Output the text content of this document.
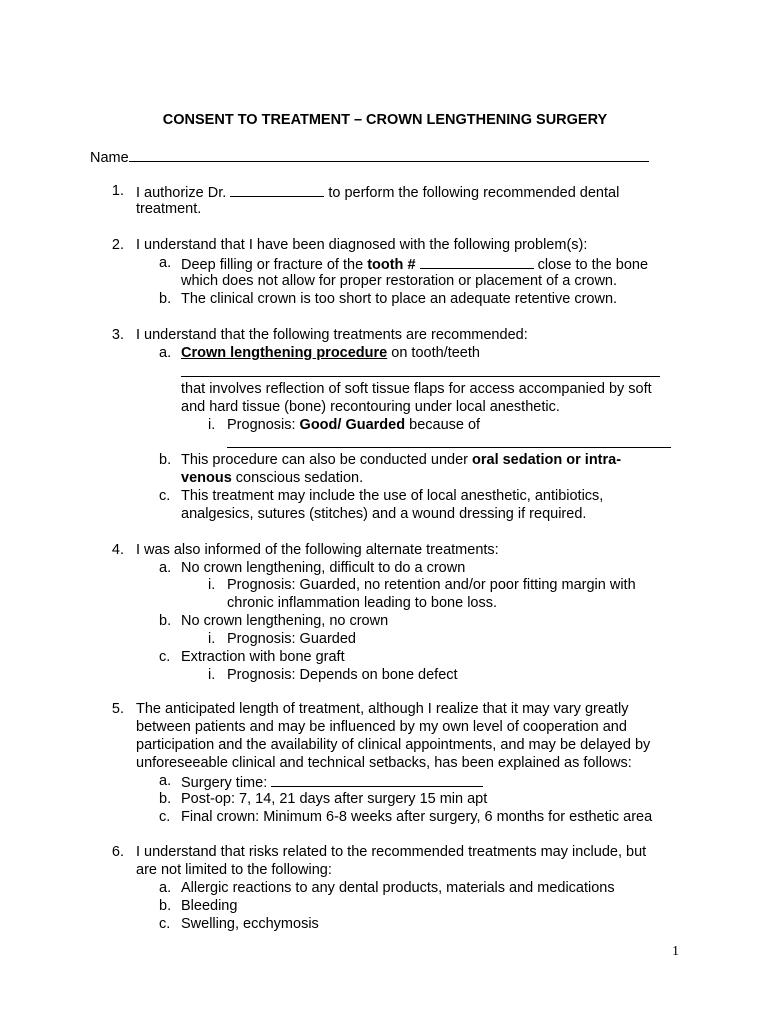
CONSENT TO TREATMENT – CROWN LENGTHENING SURGERY
Name
1. I authorize Dr.	to perform the following recommended dental
treatment.
2. I understand that I have been diagnosed with the following problem(s):
a. Deep filling or fracture of the tooth #	close to the bone
which does not allow for proper restoration or placement of a crown.
b. The clinical crown is too short to place an adequate retentive crown.
3. I understand that the following treatments are recommended:
a. Crown lengthening procedure on tooth/teeth
that involves reflection of soft tissue flaps for access accompanied by soft
and hard tissue (bone) recontouring under local anesthetic.
i. Prognosis: Good/ Guarded because of
b. This procedure can also be conducted under oral sedation or intra-
venous conscious sedation.
c. This treatment may include the use of local anesthetic, antibiotics,
analgesics, sutures (stitches) and a wound dressing if required.
4. I was also informed of the following alternate treatments:
a. No crown lengthening, difficult to do a crown
i. Prognosis: Guarded, no retention and/or poor fitting margin with
chronic inflammation leading to bone loss.
b. No crown lengthening, no crown
i. Prognosis: Guarded
c. Extraction with bone graft
i. Prognosis: Depends on bone defect
5. The anticipated length of treatment, although I realize that it may vary greatly
between patients and may be influenced by my own level of cooperation and
participation and the availability of clinical appointments, and may be delayed by
unforeseeable clinical and technical setbacks, has been explained as follows:
a. Surgery time:
b. Post-op: 7, 14, 21 days after surgery 15 min apt
c. Final crown: Minimum 6-8 weeks after surgery, 6 months for esthetic area
6. I understand that risks related to the recommended treatments may include, but
are not limited to the following:
a. Allergic reactions to any dental products, materials and medications
b. Bleeding
c. Swelling, ecchymosis
1
